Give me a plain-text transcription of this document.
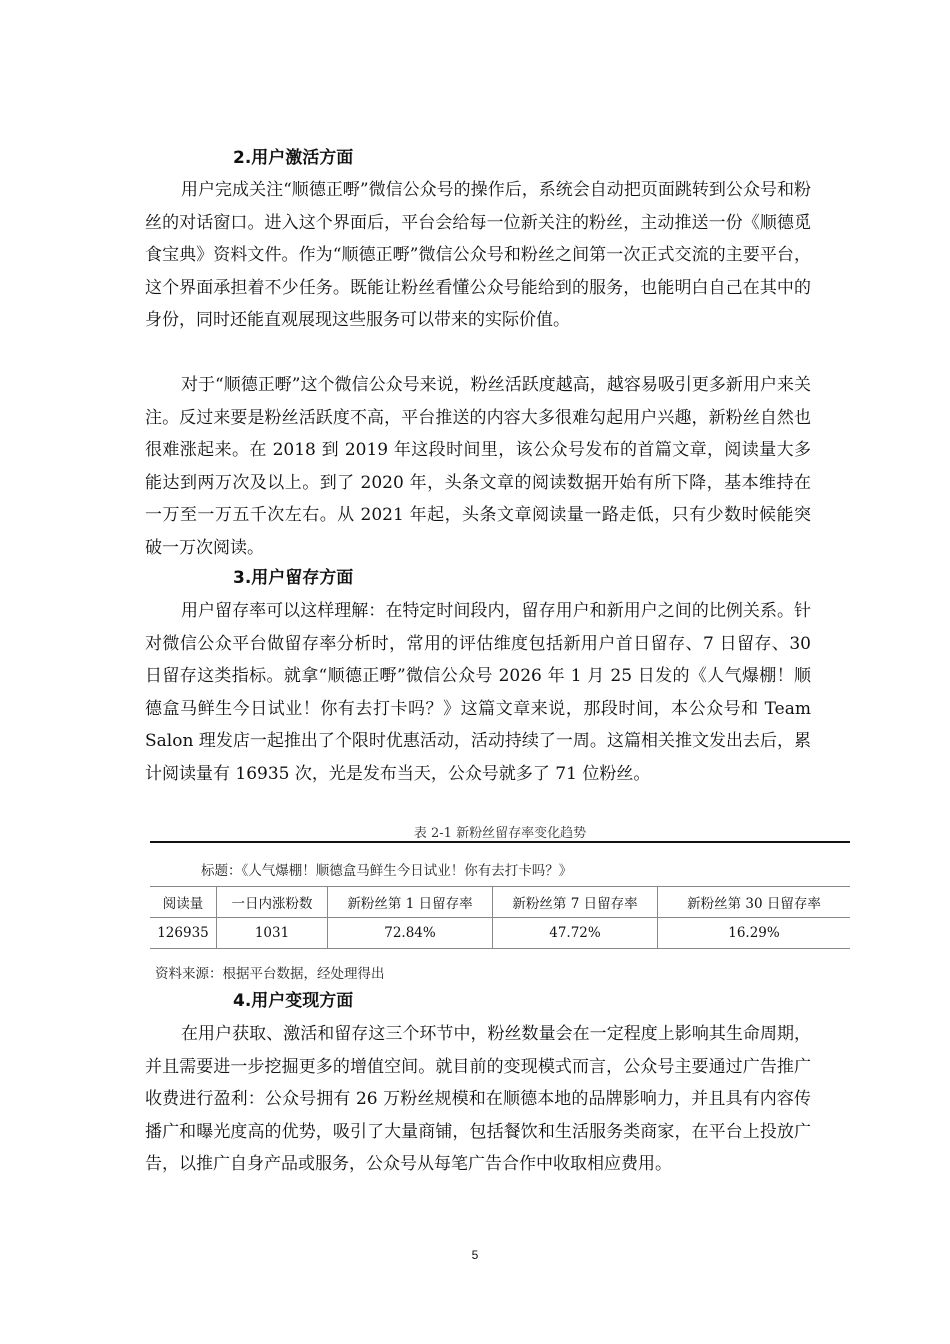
2.用户激活方面

用户完成关注“顺德正嘢”微信公众号的操作后，系统会自动把页面跳转到公众号和粉丝的对话窗口。进入这个界面后，平台会给每一位新关注的粉丝，主动推送一份《顺德觅食宝典》资料文件。作为“顺德正嘢”微信公众号和粉丝之间第一次正式交流的主要平台，这个界面承担着不少任务。既能让粉丝看懂公众号能给到的服务，也能明白自己在其中的身份，同时还能直观展现这些服务可以带来的实际价值。

对于“顺德正嘢”这个微信公众号来说，粉丝活跃度越高，越容易吸引更多新用户来关注。反过来要是粉丝活跃度不高，平台推送的内容大多很难勾起用户兴趣，新粉丝自然也很难涨起来。在 2018 到 2019 年这段时间里，该公众号发布的首篇文章，阅读量大多能达到两万次及以上。到了 2020 年，头条文章的阅读数据开始有所下降，基本维持在一万至一万五千次左右。从 2021 年起，头条文章阅读量一路走低，只有少数时候能突破一万次阅读。

3.用户留存方面

用户留存率可以这样理解：在特定时间段内，留存用户和新用户之间的比例关系。针对微信公众平台做留存率分析时，常用的评估维度包括新用户首日留存、7 日留存、30 日留存这类指标。就拿“顺德正嘢”微信公众号 2026 年 1 月 25 日发的《人气爆棚！顺德盒马鲜生今日试业！你有去打卡吗？》这篇文章来说，那段时间，本公众号和 Team Salon 理发店一起推出了个限时优惠活动，活动持续了一周。这篇相关推文发出去后，累计阅读量有 16935 次，光是发布当天，公众号就多了 71 位粉丝。

表 2-1 新粉丝留存率变化趋势
标题：《人气爆棚！顺德盒马鲜生今日试业！你有去打卡吗？》
阅读量	一日内涨粉数	新粉丝第 1 日留存率	新粉丝第 7 日留存率	新粉丝第 30 日留存率
126935	1031	72.84%	47.72%	16.29%
资料来源：根据平台数据，经处理得出
4.用户变现方面

在用户获取、激活和留存这三个环节中，粉丝数量会在一定程度上影响其生命周期，并且需要进一步挖掘更多的增值空间。就目前的变现模式而言，公众号主要通过广告推广收费进行盈利：公众号拥有 26 万粉丝规模和在顺德本地的品牌影响力，并且具有内容传播广和曝光度高的优势，吸引了大量商铺，包括餐饮和生活服务类商家，在平台上投放广告，以推广自身产品或服务，公众号从每笔广告合作中收取相应费用。

5
